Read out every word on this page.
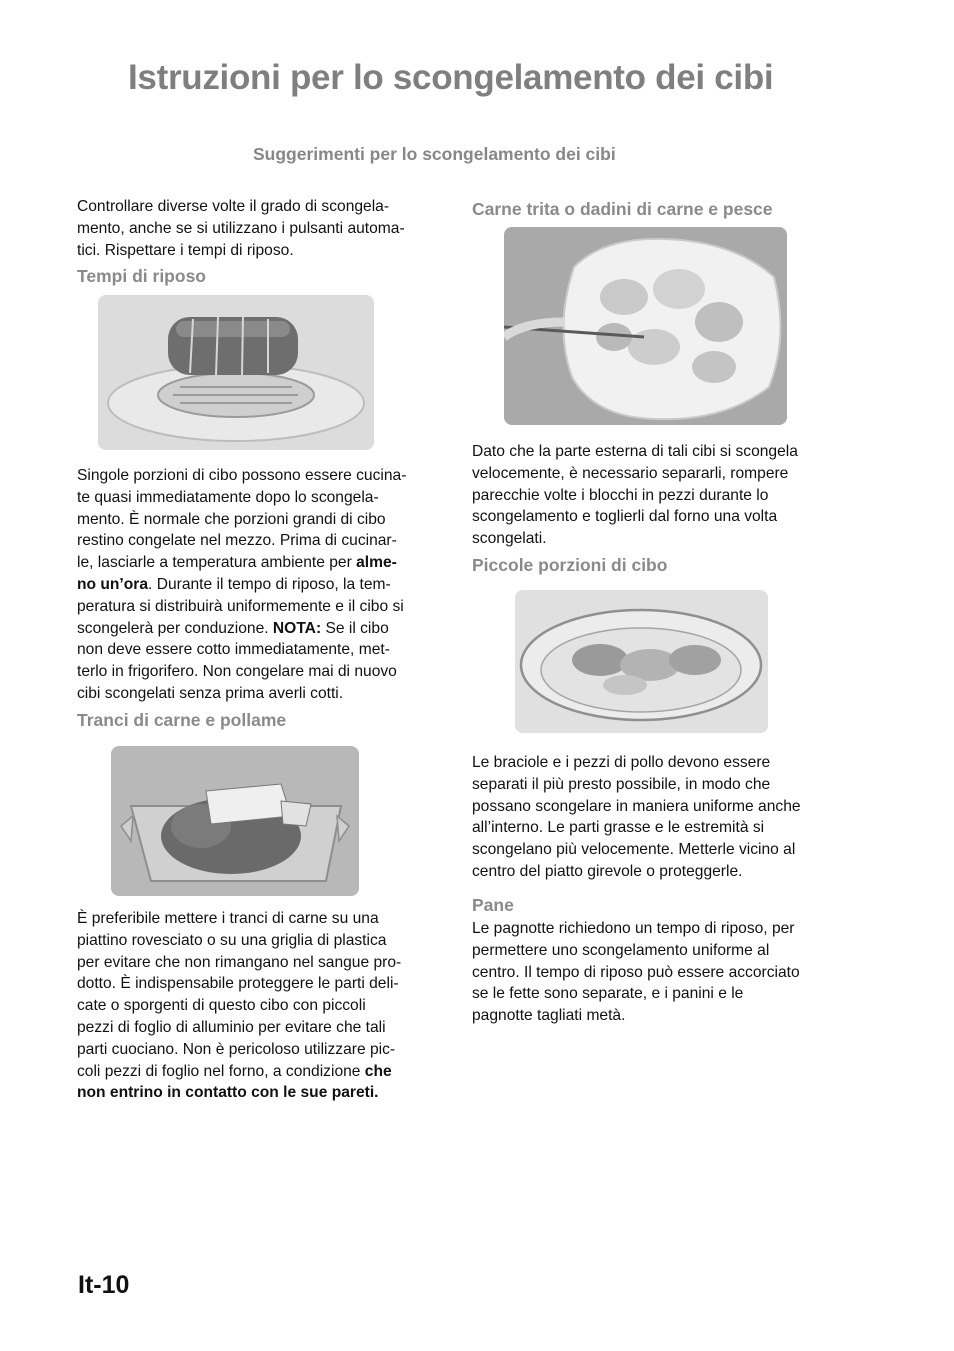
Istruzioni per lo scongelamento dei cibi
Suggerimenti per lo scongelamento dei cibi

Controllare diverse volte il grado di scongela-
mento, anche se si utilizzano i pulsanti automa-
tici. Rispettare i tempi di riposo.

Tempi di riposo

Singole porzioni di cibo possono essere cucina-
te quasi immediatamente dopo lo scongela-
mento. È normale che porzioni grandi di cibo
restino congelate nel mezzo. Prima di cucinar-
le, lasciarle a temperatura ambiente per alme-
no un’ora. Durante il tempo di riposo, la tem-
peratura si distribuirà uniformemente e il cibo si
scongelerà per conduzione. NOTA: Se il cibo
non deve essere cotto immediatamente, met-
terlo in frigorifero. Non congelare mai di nuovo
cibi scongelati senza prima averli cotti.

Tranci di carne e pollame

È preferibile mettere i tranci di carne su una
piattino rovesciato o su una griglia di plastica
per evitare che non rimangano nel sangue pro-
dotto. È indispensabile proteggere le parti deli-
cate o sporgenti di questo cibo con piccoli
pezzi di foglio di alluminio per evitare che tali
parti cuociano. Non è pericoloso utilizzare pic-
coli pezzi di foglio nel forno, a condizione che
non entrino in contatto con le sue pareti.

Carne trita o dadini di carne e pesce

Dato che la parte esterna di tali cibi si scongela
velocemente, è necessario separarli, rompere
parecchie volte i blocchi in pezzi durante lo
scongelamento e toglierli dal forno una volta
scongelati.

Piccole porzioni di cibo

Le braciole e i pezzi di pollo devono essere
separati il più presto possibile, in modo che
possano scongelare in maniera uniforme anche
all’interno. Le parti grasse e le estremità si
scongelano più velocemente. Metterle vicino al
centro del piatto girevole o proteggerle.

Pane

Le pagnotte richiedono un tempo di riposo, per
permettere uno scongelamento uniforme al
centro. Il tempo di riposo può essere accorciato
se le fette sono separate, e i panini e le
pagnotte tagliati metà.

It-10
